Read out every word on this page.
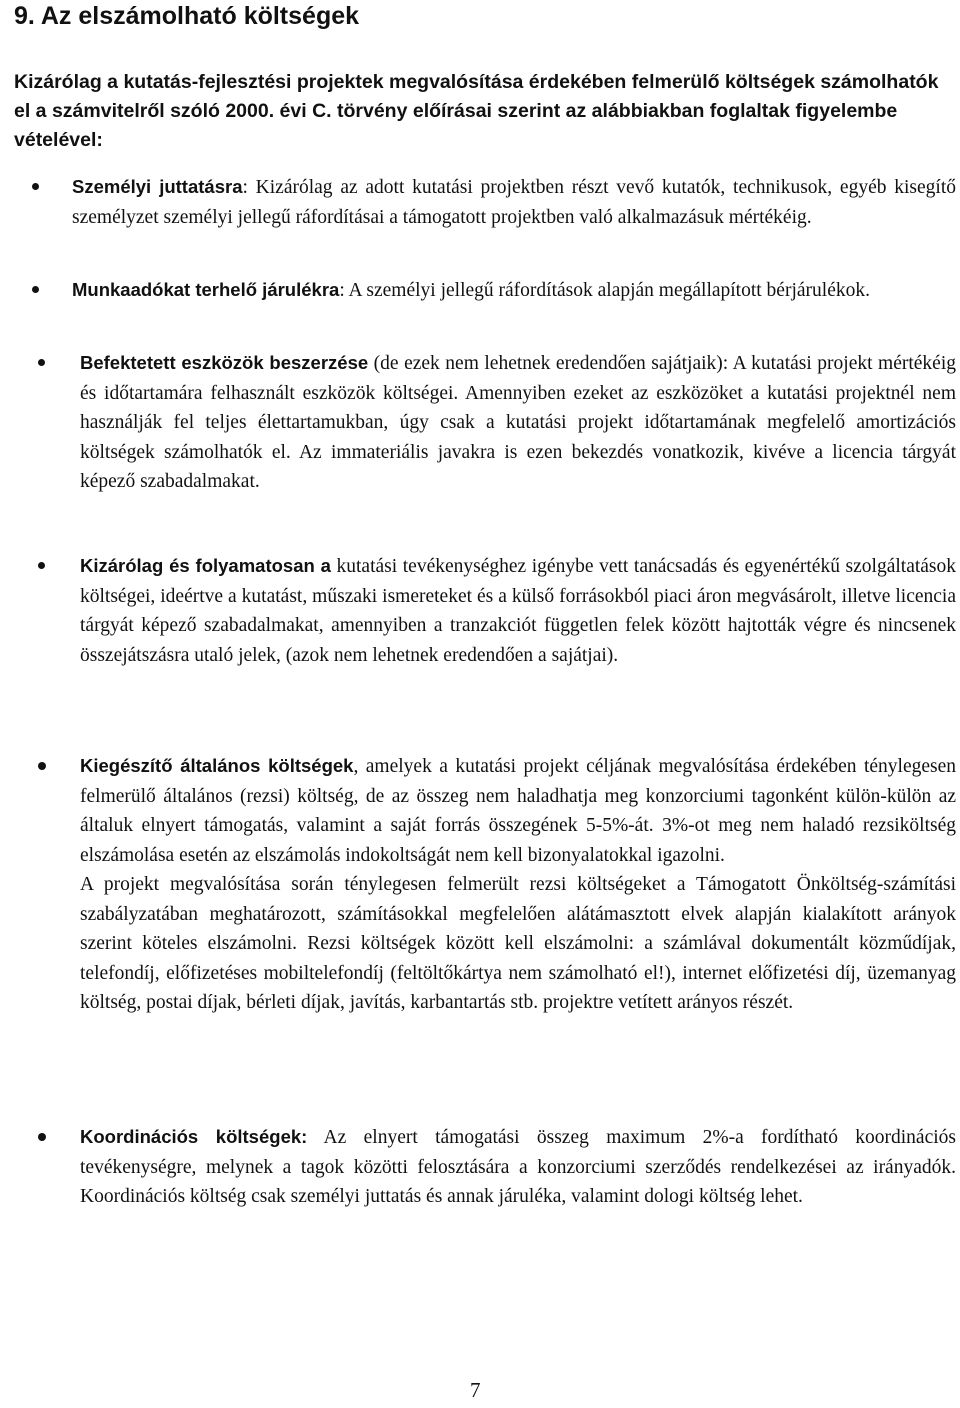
9. Az elszámolható költségek

Kizárólag a kutatás-fejlesztési projektek megvalósítása érdekében felmerülő költségek számolhatók el a számvitelről szóló 2000. évi C. törvény előírásai szerint az alábbiakban foglaltak figyelembe vételével:

Személyi juttatásra: Kizárólag az adott kutatási projektben részt vevő kutatók, technikusok, egyéb kisegítő személyzet személyi jellegű ráfordításai a támogatott projektben való alkalmazásuk mértékéig.

Munkaadókat terhelő járulékra: A személyi jellegű ráfordítások alapján megállapított bérjárulékok.

Befektetett eszközök beszerzése (de ezek nem lehetnek eredendően sajátjaik): A kutatási projekt mértékéig és időtartamára felhasznált eszközök költségei. Amennyiben ezeket az eszközöket a kutatási projektnél nem használják fel teljes élettartamukban, úgy csak a kutatási projekt időtartamának megfelelő amortizációs költségek számolhatók el. Az immateriális javakra is ezen bekezdés vonatkozik, kivéve a licencia tárgyát képező szabadalmakat.

Kizárólag és folyamatosan a kutatási tevékenységhez igénybe vett tanácsadás és egyenértékű szolgáltatások költségei, ideértve a kutatást, műszaki ismereteket és a külső forrásokból piaci áron megvásárolt, illetve licencia tárgyát képező szabadalmakat, amennyiben a tranzakciót független felek között hajtották végre és nincsenek összejátszásra utaló jelek, (azok nem lehetnek eredendően a sajátjai).

Kiegészítő általános költségek, amelyek a kutatási projekt céljának megvalósítása érdekében ténylegesen felmerülő általános (rezsi) költség, de az összeg nem haladhatja meg konzorciumi tagonként külön-külön az általuk elnyert támogatás, valamint a saját forrás összegének 5-5%-át. 3%-ot meg nem haladó rezsiköltség elszámolása esetén az elszámolás indokoltságát nem kell bizonyalatokkal igazolni.

A projekt megvalósítása során ténylegesen felmerült rezsi költségeket a Támogatott Önköltség-számítási szabályzatában meghatározott, számításokkal megfelelően alátámasztott elvek alapján kialakított arányok szerint köteles elszámolni. Rezsi költségek között kell elszámolni: a számlával dokumentált közműdíjak, telefondíj, előfizetéses mobiltelefondíj (feltöltőkártya nem számolható el!), internet előfizetési díj, üzemanyag költség, postai díjak, bérleti díjak, javítás, karbantartás stb. projektre vetített arányos részét.

Koordinációs költségek: Az elnyert támogatási összeg maximum 2%-a fordítható koordinációs tevékenységre, melynek a tagok közötti felosztására a konzorciumi szerződés rendelkezései az irányadók. Koordinációs költség csak személyi juttatás és annak járuléka, valamint dologi költség lehet.

7
